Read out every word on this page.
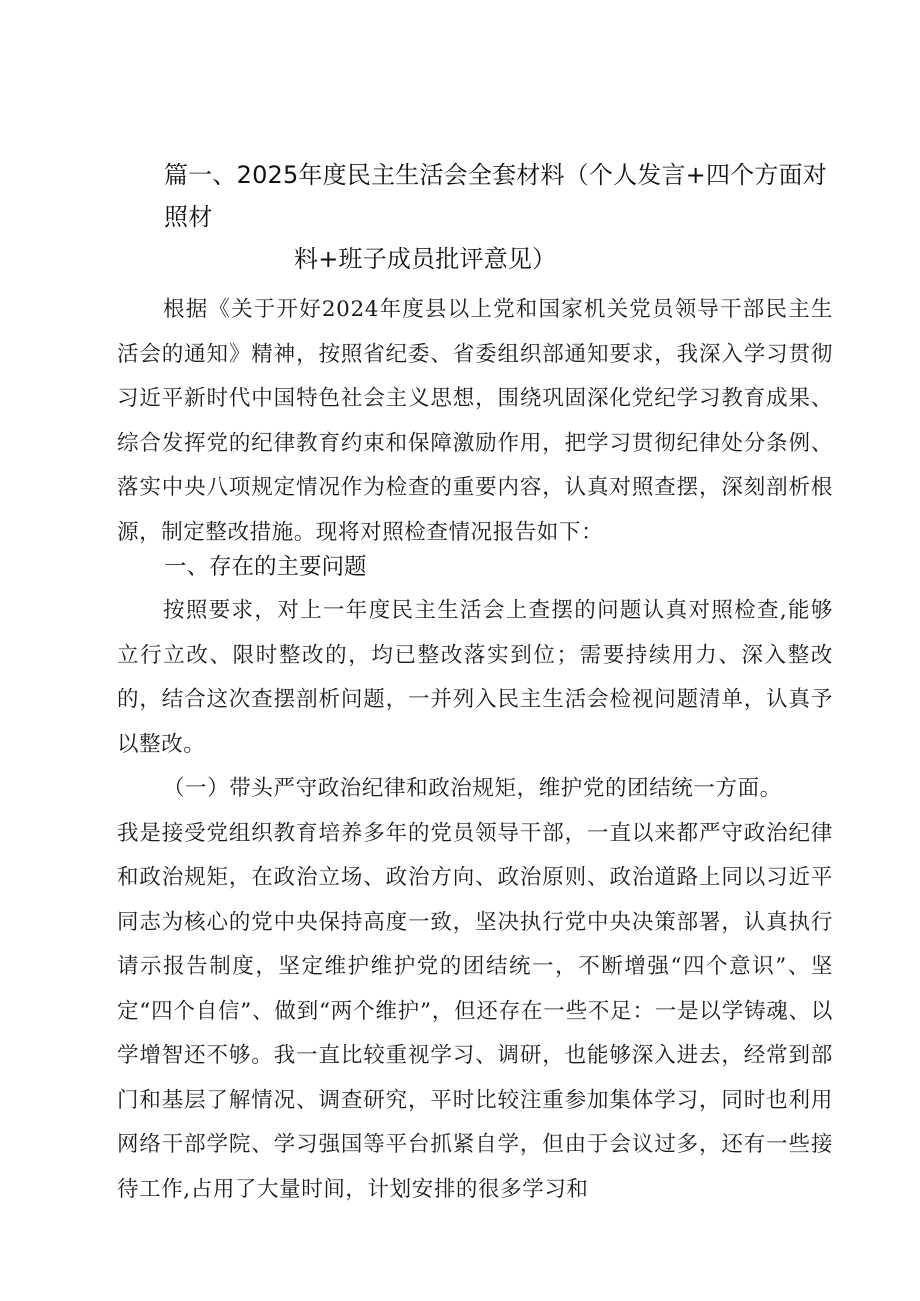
篇一、2025年度民主生活会全套材料（个人发言+四个方面对照材
料+班子成员批评意见）
根据《关于开好2024年度县以上党和国家机关党员领导干部民主生活会的通知》精神，按照省纪委、省委组织部通知要求，我深入学习贯彻习近平新时代中国特色社会主义思想，围绕巩固深化党纪学习教育成果、综合发挥党的纪律教育约束和保障激励作用，把学习贯彻纪律处分条例、落实中央八项规定情况作为检查的重要内容，认真对照查摆，深刻剖析根源，制定整改措施。现将对照检查情况报告如下：
一、存在的主要问题
按照要求，对上一年度民主生活会上查摆的问题认真对照检查,能够立行立改、限时整改的，均已整改落实到位；需要持续用力、深入整改的，结合这次查摆剖析问题，一并列入民主生活会检视问题清单，认真予以整改。
（一）带头严守政治纪律和政治规矩，维护党的团结统一方面。
我是接受党组织教育培养多年的党员领导干部，一直以来都严守政治纪律和政治规矩，在政治立场、政治方向、政治原则、政治道路上同以习近平同志为核心的党中央保持高度一致，坚决执行党中央决策部署，认真执行请示报告制度，坚定维护维护党的团结统一，不断增强“四个意识”、坚定“四个自信”、做到“两个维护”，但还存在一些不足：一是以学铸魂、以学增智还不够。我一直比较重视学习、调研，也能够深入进去，经常到部门和基层了解情况、调查研究，平时比较注重参加集体学习，同时也利用网络干部学院、学习强国等平台抓紧自学，但由于会议过多，还有一些接待工作,占用了大量时间，计划安排的很多学习和
